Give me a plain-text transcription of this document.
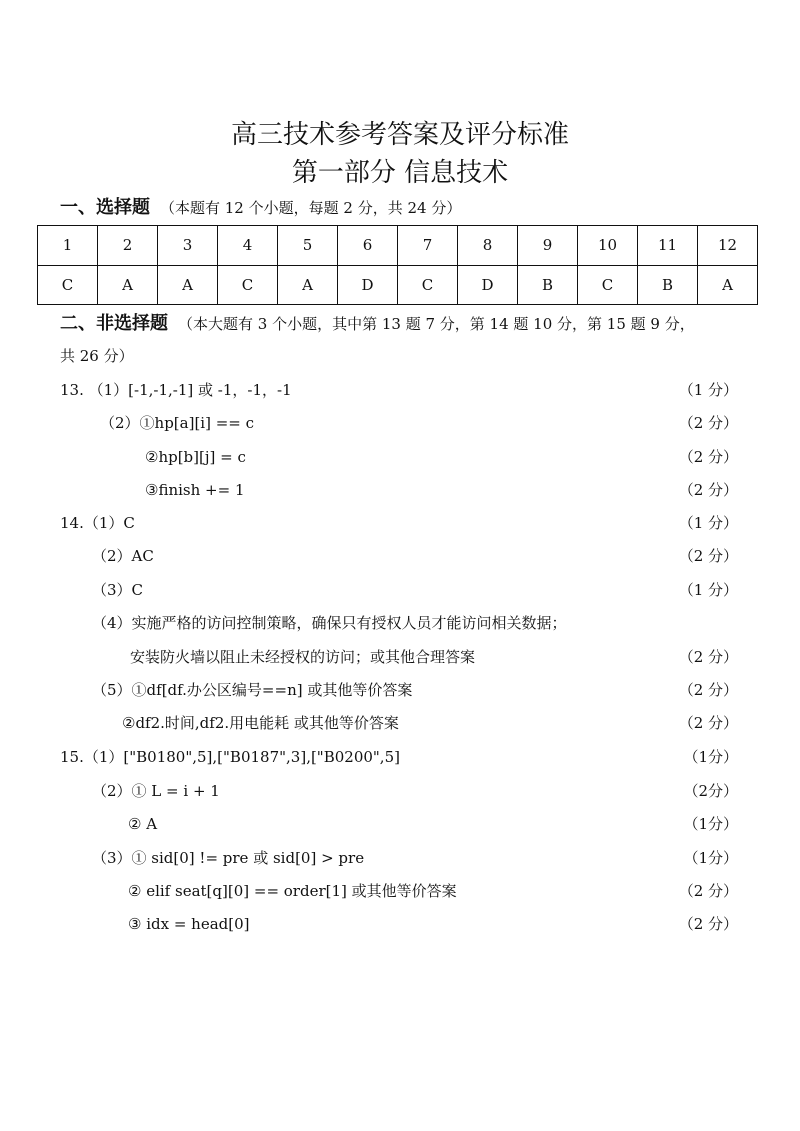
高三技术参考答案及评分标准
第一部分 信息技术
一、选择题 （本题有 12 个小题，每题 2 分，共 24 分）
1	2	3	4	5	6	7	8	9	10	11	12
C	A	A	C	A	D	C	D	B	C	B	A
二、非选择题 （本大题有 3 个小题，其中第 13 题 7 分，第 14 题 10 分，第 15 题 9 分，
共 26 分）
13. （1）[-1,-1,-1] 或 -1，-1，-1	（1 分）
（2）①hp[a][i] == c	（2 分）
②hp[b][j] = c	（2 分）
③finish += 1	（2 分）
14.（1）C	（1 分）
（2）AC	（2 分）
（3）C	（1 分）
（4）实施严格的访问控制策略，确保只有授权人员才能访问相关数据；
安装防火墙以阻止未经授权的访问；或其他合理答案	（2 分）
（5）①df[df.办公区编号==n] 或其他等价答案	（2 分）
②df2.时间,df2.用电能耗 或其他等价答案	（2 分）
15.（1）["B0180",5],["B0187",3],["B0200",5]	（1分）
（2）① L = i + 1	（2分）
② A	（1分）
（3）① sid[0] != pre 或 sid[0] > pre	（1分）
② elif seat[q][0] == order[1] 或其他等价答案	（2 分）
③ idx = head[0]	（2 分）
